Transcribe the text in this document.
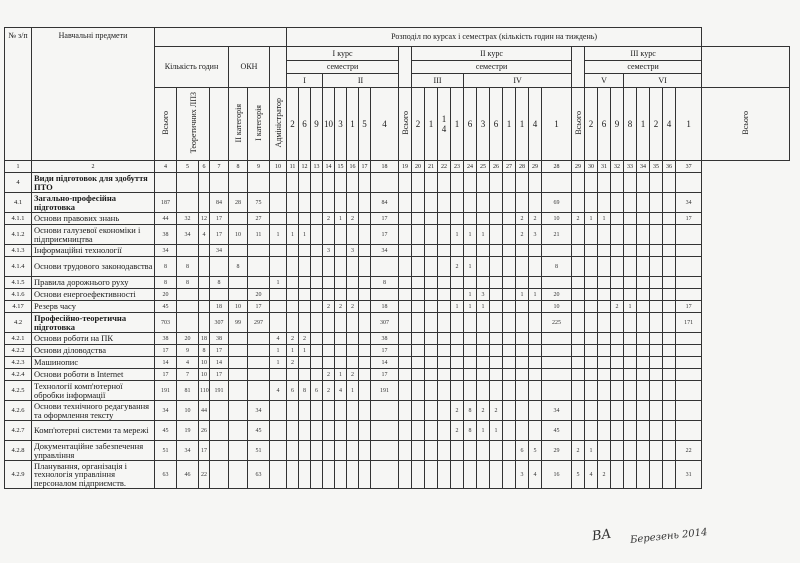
№ з/п	Навчальні предмети								Розподіл по курсах і семестрах (кількість годин на тиждень)																													
		Кількість годин				ОКН			І курс									ІІ курс												ІІІ курс								
									семестри									семестри												семестри								
									І			ІІ						ІІІ				ІV								V			VI					
		Всього	Теоретичних ЛПЗ			ІІ категорія	І категорія	Адміністратор	2	6	9	10	3	1	5	4	Всього	2	1	1 4	1	6	3	6	1	1	4	1	Всього	2	6	9	8	1	2	4	1	Всього
1	2	4	5	6	7	8	9	10	11	12	13	14	15	16	17	18	19	20	21	22	23	24	25	26	27	28	29	28	29	30	31	32	33	34	35	36	37	
4	Види підготовок для здобуття ПТО																																					
4.1	Загально-професійна підготовка	187			84	28	75									84												69									34	
4.1.1	Основи правових знань	44	32	12	17		27					2	1	2		17										2	2	10	2	1	1						17	
4.1.2	Основи галузевої економіки і підприємництва	38	34	4	17	10	11	1	1	1						17					1	1	1			2	3	21										
4.1.3	Інформаційні технології	34			34							3		3		34																						
4.1.4	Основи трудового законодавства	8	8			8															2	1						8										
4.1.5	Правила дорожнього руху	8	8		8			1								8																						
4.1.6	Основи енергоефективності	20					20															1	3			1	1	20										
4.17	Резерв часу	45			18	10	17					2	2	2		18					1	1	1					10				2	1				17	
4.2	Професійно-теоретична підготовка	703			307	99	297									307												225									171	
4.2.1	Основи роботи на ПК	38	20	18	38			4	2	2						38																						
4.2.2	Основи діловодства	17	9	8	17			1	1	1						17																						
4.2.3	Машинопис	14	4	10	14			1	2							14																						
4.2.4	Основи роботи в Internet	17	7	10	17							2	1	2		17																						
4.2.5	Технології комп'ютерної обробки інформації	191	81	110	191			4	6	8	6	2	4	1		191																						
4.2.6	Основи технічного редагування та оформлення тексту	34	10	44			34														2	8	2	2				34										
4.2.7	Комп'ютерні системи та мережі	45	19	26			45														2	8	1	1				45										
4.2.8	Документаційне забезпечення управління	51	34	17			51																			6	5	29	2	1							22	
4.2.9	Планування, організація і технологія управління персоналом підприємств.	63	46	22			63																			3	4	16	5	4	2						31	
ВА Березень 2014
